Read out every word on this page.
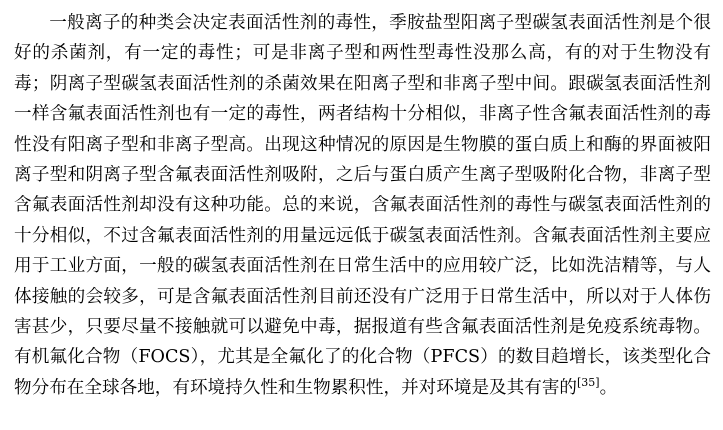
一般离子的种类会决定表面活性剂的毒性，季胺盐型阳离子型碳氢表面活性剂是个很好的杀菌剂，有一定的毒性；可是非离子型和两性型毒性没那么高，有的对于生物没有毒；阴离子型碳氢表面活性剂的杀菌效果在阳离子型和非离子型中间。跟碳氢表面活性剂一样含氟表面活性剂也有一定的毒性，两者结构十分相似，非离子性含氟表面活性剂的毒性没有阳离子型和非离子型高。出现这种情况的原因是生物膜的蛋白质上和酶的界面被阳离子型和阴离子型含氟表面活性剂吸附，之后与蛋白质产生离子型吸附化合物，非离子型含氟表面活性剂却没有这种功能。总的来说，含氟表面活性剂的毒性与碳氢表面活性剂的十分相似，不过含氟表面活性剂的用量远远低于碳氢表面活性剂。含氟表面活性剂主要应用于工业方面，一般的碳氢表面活性剂在日常生活中的应用较广泛，比如洗洁精等，与人体接触的会较多，可是含氟表面活性剂目前还没有广泛用于日常生活中，所以对于人体伤害甚少，只要尽量不接触就可以避免中毒，据报道有些含氟表面活性剂是免疫系统毒物。有机氟化合物（FOCS），尤其是全氟化了的化合物（PFCS）的数目趋增长，该类型化合物分布在全球各地，有环境持久性和生物累积性，并对环境是及其有害的[35]。
